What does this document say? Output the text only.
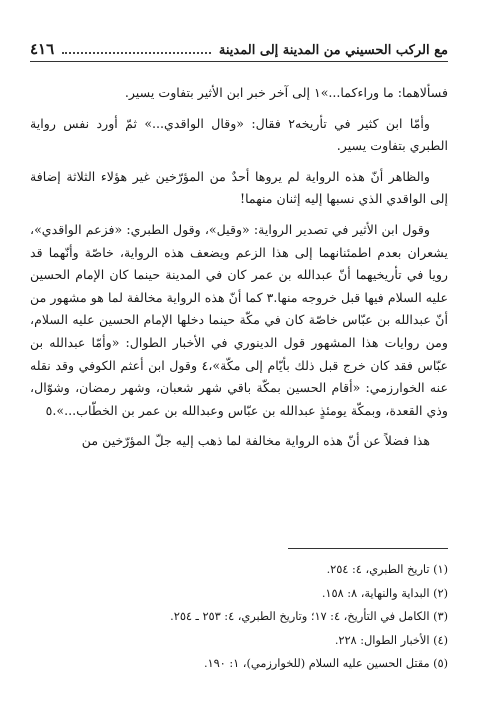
مع الركب الحسيني من المدينة إلى المدينة
٤١٦

فسألاهما: ما وراءكما...»١ إلى آخر خبر ابن الأثير بتفاوت يسير.

وأمّا ابن كثير في تأريخه٢ فقال: «وقال الواقدي...» ثمّ أورد نفس رواية الطبري بتفاوت يسير.

والظاهر أنّ هذه الرواية لم يروها أحدٌ من المؤرّخين غير هؤلاء الثلاثة إضافة إلى الواقدي الذي نسبها إليه إثنان منهما!

وقول ابن الأثير في تصدير الرواية: «وقيل»، وقول الطبري: «فزعم الواقدي»، يشعران بعدم اطمئنانهما إلى هذا الزعم ويضعف هذه الرواية، خاصّة وأنّهما قد رويا في تأريخيهما أنّ عبدالله بن عمر كان في المدينة حينما كان الإمام الحسين عليه السلام فيها قبل خروجه منها.٣ كما أنّ هذه الرواية مخالفة لما هو مشهور من أنّ عبدالله بن عبّاس خاصّة كان في مكّة حينما دخلها الإمام الحسين عليه السلام، ومن روايات هذا المشهور قول الدينوري في الأخبار الطوال: «وأمّا عبدالله بن عبّاس فقد كان خرج قبل ذلك بأيّام إلى مكّة»،٤ وقول ابن أعثم الكوفي وقد نقله عنه الخوارزمي: «أقام الحسين بمكّة باقي شهر شعبان، وشهر رمضان، وشوّال، وذي القعدة، وبمكّة يومئذٍ عبدالله بن عبّاس وعبدالله بن عمر بن الخطّاب...».٥

هذا فضلاً عن أنّ هذه الرواية مخالفة لما ذهب إليه جلّ المؤرّخين من

(١) تاريخ الطبري، ٤: ٢٥٤.
(٢) البداية والنهاية، ٨: ١٥٨.
(٣) الكامل في التأريخ، ٤: ١٧؛ وتاريخ الطبري، ٤: ٢٥٣ ـ ٢٥٤.
(٤) الأخبار الطوال: ٢٢٨.
(٥) مقتل الحسين عليه السلام (للخوارزمي)، ١: ١٩٠.
